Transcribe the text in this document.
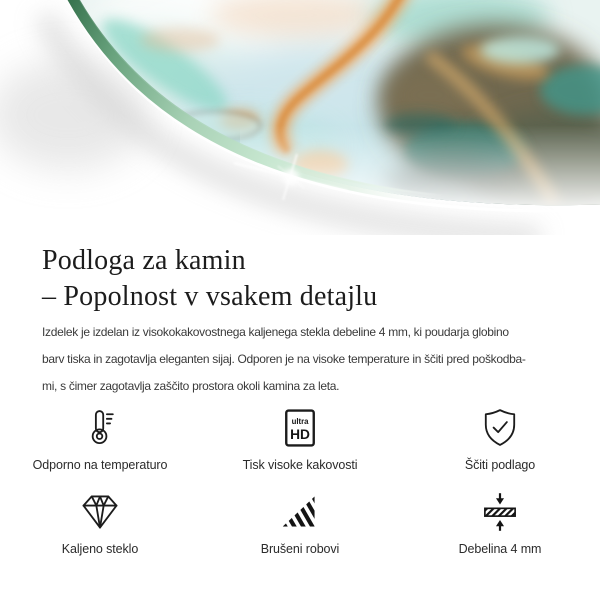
Podloga za kamin
– Popolnost v vsakem detajlu
Izdelek je izdelan iz visokokakovostnega kaljenega stekla debeline 4 mm, ki poudarja globino
barv tiska in zagotavlja eleganten sijaj. Odporen je na visoke temperature in ščiti pred poškodba-
mi, s čimer zagotavlja zaščito prostora okoli kamina za leta.
Odporno na temperaturo
ultra
HD
Tisk visoke kakovosti	Ščiti podlago
Kaljeno steklo	Brušeni robovi	Debelina 4 mm
